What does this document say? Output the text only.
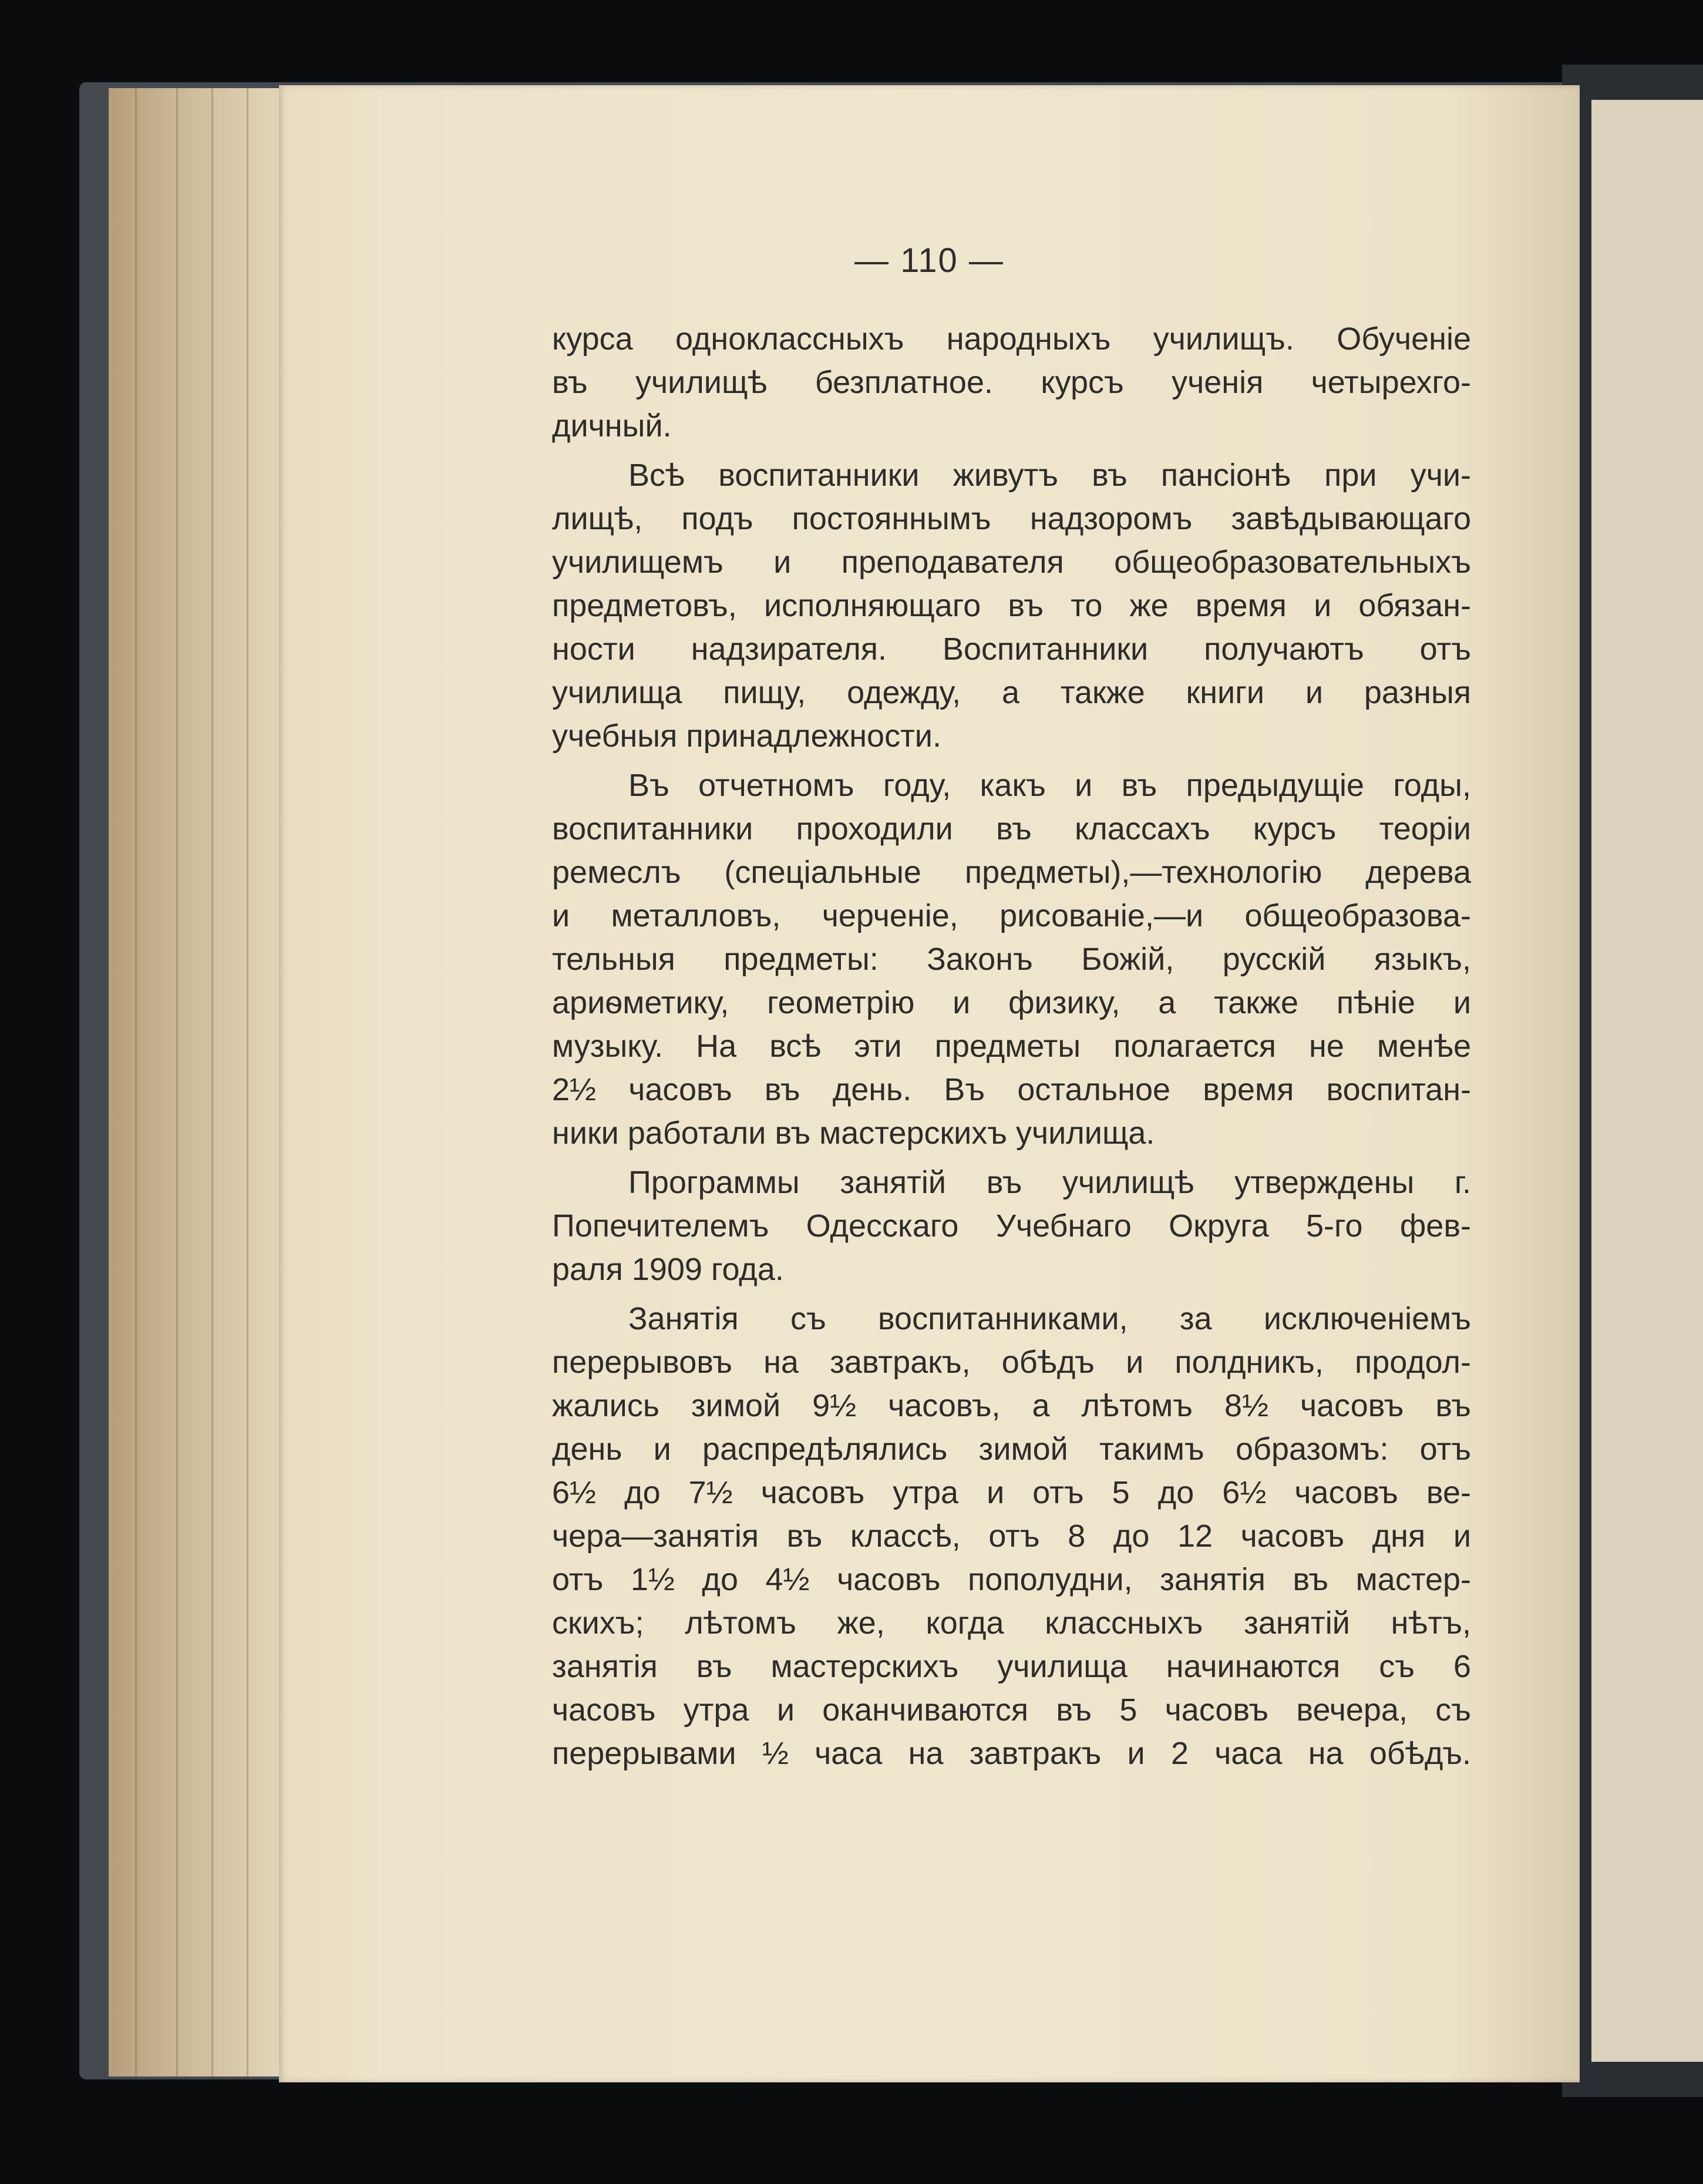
— 110 —
курса одноклассныхъ народныхъ училищъ. Обученіе
въ училищѣ безплатное. курсъ ученія четырехго-
дичный.
Всѣ воспитанники живутъ въ пансіонѣ при учи-
лищѣ, подъ постояннымъ надзоромъ завѣдывающаго
училищемъ и преподавателя общеобразовательныхъ
предметовъ, исполняющаго въ то же время и обязан-
ности надзирателя. Воспитанники получаютъ отъ
училища пищу, одежду, а также книги и разныя
учебныя принадлежности.
Въ отчетномъ году, какъ и въ предыдущіе годы,
воспитанники проходили въ классахъ курсъ теоріи
ремеслъ (спеціальные предметы),—технологію дерева
и металловъ, черченіе, рисованіе,—и общеобразова-
тельныя предметы: Законъ Божій, русскій языкъ,
ариѳметику, геометрію и физику, а также пѣніе и
музыку. На всѣ эти предметы полагается не менѣе
2½ часовъ въ день. Въ остальное время воспитан-
ники работали въ мастерскихъ училища.
Программы занятій въ училищѣ утверждены г.
Попечителемъ Одесскаго Учебнаго Округа 5-го фев-
раля 1909 года.
Занятія съ воспитанниками, за исключеніемъ
перерывовъ на завтракъ, обѣдъ и полдникъ, продол-
жались зимой 9½ часовъ, а лѣтомъ 8½ часовъ въ
день и распредѣлялись зимой такимъ образомъ: отъ
6½ до 7½ часовъ утра и отъ 5 до 6½ часовъ ве-
чера—занятія въ классѣ, отъ 8 до 12 часовъ дня и
отъ 1½ до 4½ часовъ пополудни, занятія въ мастер-
скихъ; лѣтомъ же, когда классныхъ занятій нѣтъ,
занятія въ мастерскихъ училища начинаются съ 6
часовъ утра и оканчиваются въ 5 часовъ вечера, съ
перерывами ½ часа на завтракъ и 2 часа на обѣдъ.
